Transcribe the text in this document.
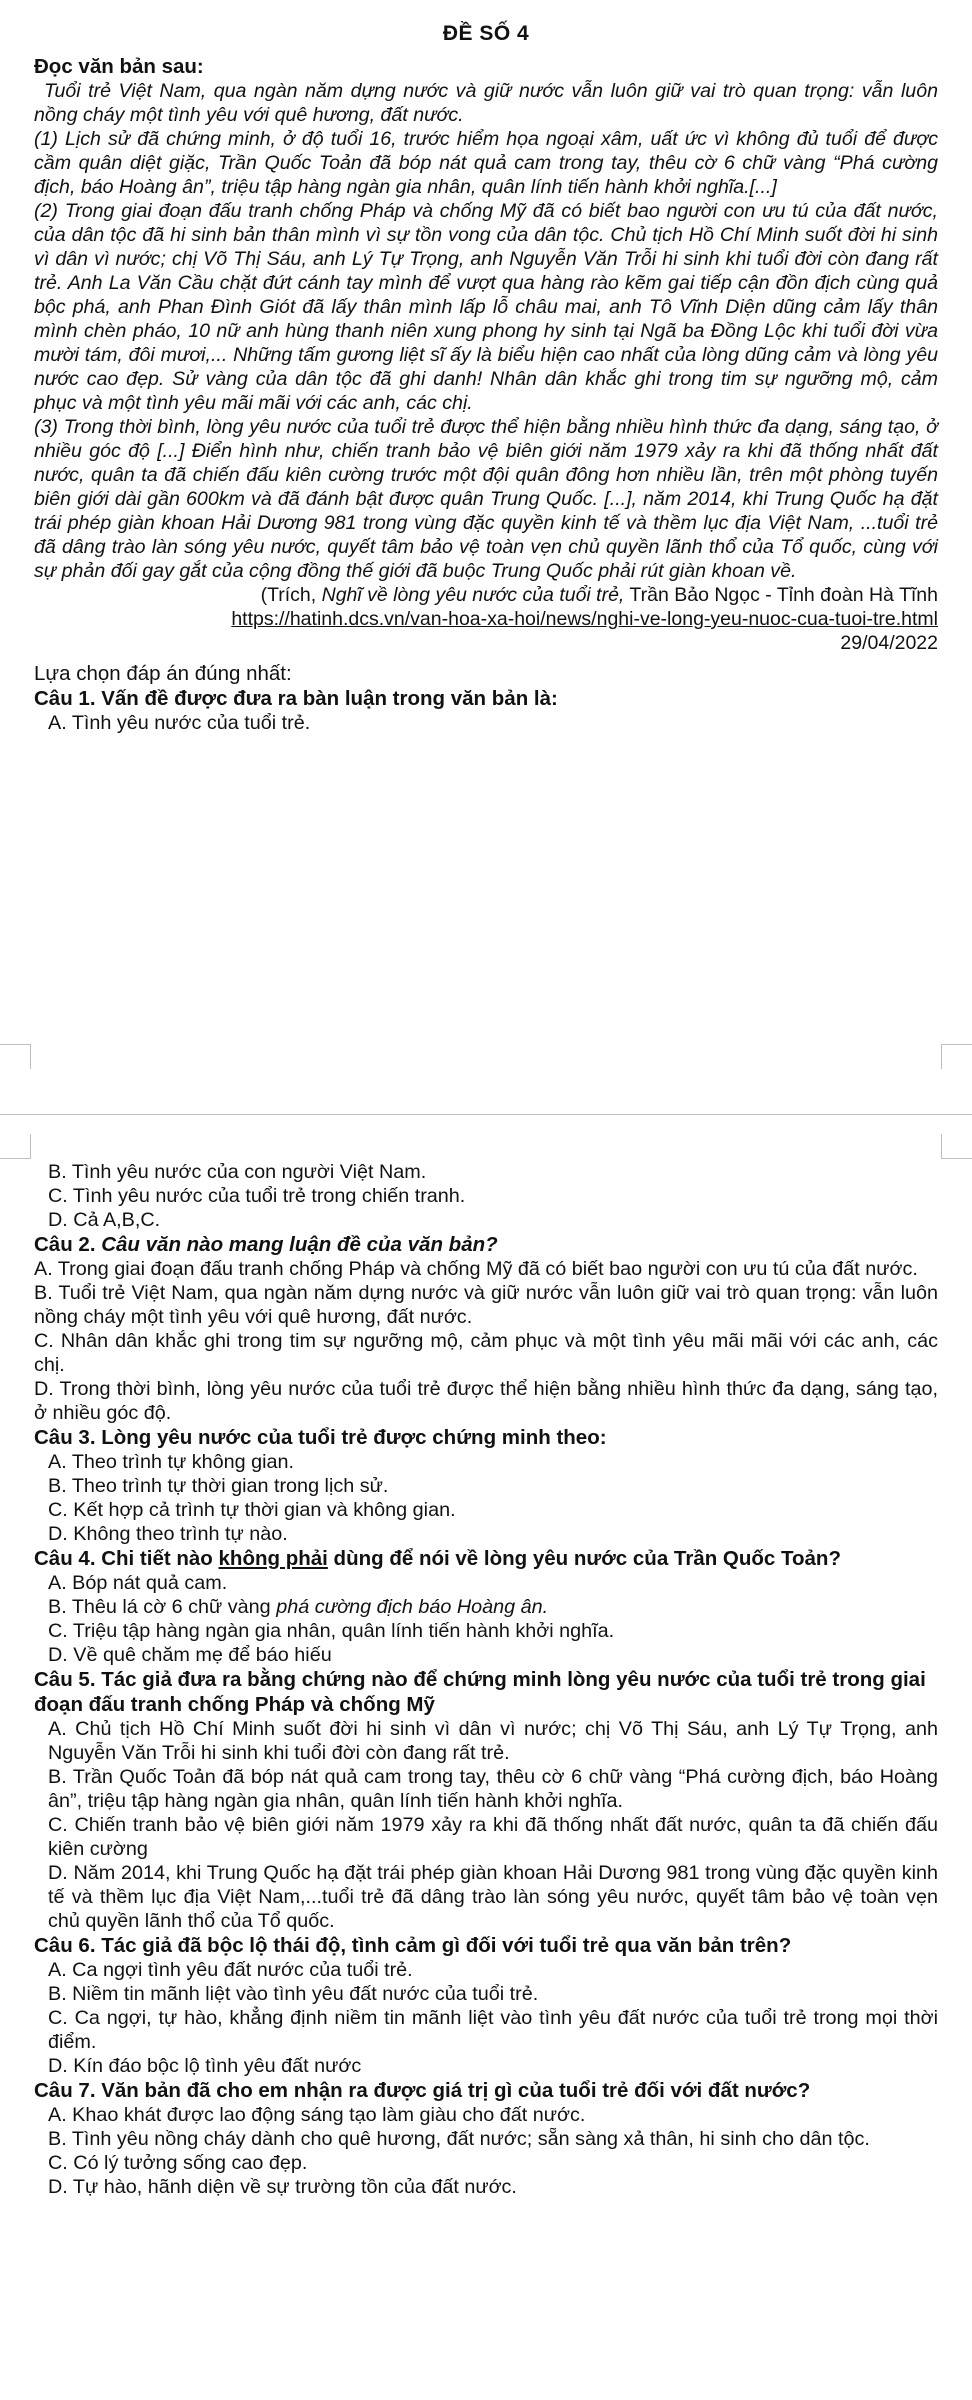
ĐỀ SỐ 4

Đọc văn bản sau:

Tuổi trẻ Việt Nam, qua ngàn năm dựng nước và giữ nước vẫn luôn giữ vai trò quan trọng: vẫn luôn nồng cháy một tình yêu với quê hương, đất nước.

(1) Lịch sử đã chứng minh, ở độ tuổi 16, trước hiểm họa ngoại xâm, uất ức vì không đủ tuổi để được cầm quân diệt giặc, Trần Quốc Toản đã bóp nát quả cam trong tay, thêu cờ 6 chữ vàng “Phá cường địch, báo Hoàng ân”, triệu tập hàng ngàn gia nhân, quân lính tiến hành khởi nghĩa.[...]

(2) Trong giai đoạn đấu tranh chống Pháp và chống Mỹ đã có biết bao người con ưu tú của đất nước, của dân tộc đã hi sinh bản thân mình vì sự tồn vong của dân tộc. Chủ tịch Hồ Chí Minh suốt đời hi sinh vì dân vì nước; chị Võ Thị Sáu, anh Lý Tự Trọng, anh Nguyễn Văn Trỗi hi sinh khi tuổi đời còn đang rất trẻ. Anh La Văn Cầu chặt đứt cánh tay mình để vượt qua hàng rào kẽm gai tiếp cận đồn địch cùng quả bộc phá, anh Phan Đình Giót đã lấy thân mình lấp lỗ châu mai, anh Tô Vĩnh Diện dũng cảm lấy thân mình chèn pháo, 10 nữ anh hùng thanh niên xung phong hy sinh tại Ngã ba Đồng Lộc khi tuổi đời vừa mười tám, đôi mươi,... Những tấm gương liệt sĩ ấy là biểu hiện cao nhất của lòng dũng cảm và lòng yêu nước cao đẹp. Sử vàng của dân tộc đã ghi danh! Nhân dân khắc ghi trong tim sự ngưỡng mộ, cảm phục và một tình yêu mãi mãi với các anh, các chị.

(3) Trong thời bình, lòng yêu nước của tuổi trẻ được thể hiện bằng nhiều hình thức đa dạng, sáng tạo, ở nhiều góc độ [...] Điển hình như, chiến tranh bảo vệ biên giới năm 1979 xảy ra khi đã thống nhất đất nước, quân ta đã chiến đấu kiên cường trước một đội quân đông hơn nhiều lần, trên một phòng tuyến biên giới dài gần 600km và đã đánh bật được quân Trung Quốc. [...], năm 2014, khi Trung Quốc hạ đặt trái phép giàn khoan Hải Dương 981 trong vùng đặc quyền kinh tế và thềm lục địa Việt Nam, ...tuổi trẻ đã dâng trào làn sóng yêu nước, quyết tâm bảo vệ toàn vẹn chủ quyền lãnh thổ của Tổ quốc, cùng với sự phản đối gay gắt của cộng đồng thế giới đã buộc Trung Quốc phải rút giàn khoan về.

(Trích, Nghĩ về lòng yêu nước của tuổi trẻ, Trần Bảo Ngọc - Tỉnh đoàn Hà Tĩnh

https://hatinh.dcs.vn/van-hoa-xa-hoi/news/nghi-ve-long-yeu-nuoc-cua-tuoi-tre.html

29/04/2022

Lựa chọn đáp án đúng nhất:

Câu 1. Vấn đề được đưa ra bàn luận trong văn bản là:

A. Tình yêu nước của tuổi trẻ.

B. Tình yêu nước của con người Việt Nam.

C. Tình yêu nước của tuổi trẻ trong chiến tranh.

D. Cả A,B,C.

Câu 2. Câu văn nào mang luận đề của văn bản?

A. Trong giai đoạn đấu tranh chống Pháp và chống Mỹ đã có biết bao người con ưu tú của đất nước.

B. Tuổi trẻ Việt Nam, qua ngàn năm dựng nước và giữ nước vẫn luôn giữ vai trò quan trọng: vẫn luôn nồng cháy một tình yêu với quê hương, đất nước.

C. Nhân dân khắc ghi trong tim sự ngưỡng mộ, cảm phục và một tình yêu mãi mãi với các anh, các chị.

D. Trong thời bình, lòng yêu nước của tuổi trẻ được thể hiện bằng nhiều hình thức đa dạng, sáng tạo, ở nhiều góc độ.

Câu 3. Lòng yêu nước của tuổi trẻ được chứng minh theo:

A. Theo trình tự không gian.

B. Theo trình tự thời gian trong lịch sử.

C. Kết hợp cả trình tự thời gian và không gian.

D. Không theo trình tự nào.

Câu 4. Chi tiết nào không phải dùng để nói về lòng yêu nước của Trần Quốc Toản?

A. Bóp nát quả cam.

B. Thêu lá cờ 6 chữ vàng phá cường địch báo Hoàng ân.

C. Triệu tập hàng ngàn gia nhân, quân lính tiến hành khởi nghĩa.

D. Về quê chăm mẹ để báo hiếu

Câu 5. Tác giả đưa ra bằng chứng nào để chứng minh lòng yêu nước của tuổi trẻ trong giai đoạn đấu tranh chống Pháp và chống Mỹ

A. Chủ tịch Hồ Chí Minh suốt đời hi sinh vì dân vì nước; chị Võ Thị Sáu, anh Lý Tự Trọng, anh Nguyễn Văn Trỗi hi sinh khi tuổi đời còn đang rất trẻ.

B. Trần Quốc Toản đã bóp nát quả cam trong tay, thêu cờ 6 chữ vàng “Phá cường địch, báo Hoàng ân”, triệu tập hàng ngàn gia nhân, quân lính tiến hành khởi nghĩa.

C. Chiến tranh bảo vệ biên giới năm 1979 xảy ra khi đã thống nhất đất nước, quân ta đã chiến đấu kiên cường

D. Năm 2014, khi Trung Quốc hạ đặt trái phép giàn khoan Hải Dương 981 trong vùng đặc quyền kinh tế và thềm lục địa Việt Nam,...tuổi trẻ đã dâng trào làn sóng yêu nước, quyết tâm bảo vệ toàn vẹn chủ quyền lãnh thổ của Tổ quốc.

Câu 6. Tác giả đã bộc lộ thái độ, tình cảm gì đối với tuổi trẻ qua văn bản trên?

A. Ca ngợi tình yêu đất nước của tuổi trẻ.

B. Niềm tin mãnh liệt vào tình yêu đất nước của tuổi trẻ.

C. Ca ngợi, tự hào, khẳng định niềm tin mãnh liệt vào tình yêu đất nước của tuổi trẻ trong mọi thời điểm.

D. Kín đáo bộc lộ tình yêu đất nước

Câu 7. Văn bản đã cho em nhận ra được giá trị gì của tuổi trẻ đối với đất nước?

A. Khao khát được lao động sáng tạo làm giàu cho đất nước.

B. Tình yêu nồng cháy dành cho quê hương, đất nước; sẵn sàng xả thân, hi sinh cho dân tộc.

C. Có lý tưởng sống cao đẹp.

D. Tự hào, hãnh diện về sự trường tồn của đất nước.
